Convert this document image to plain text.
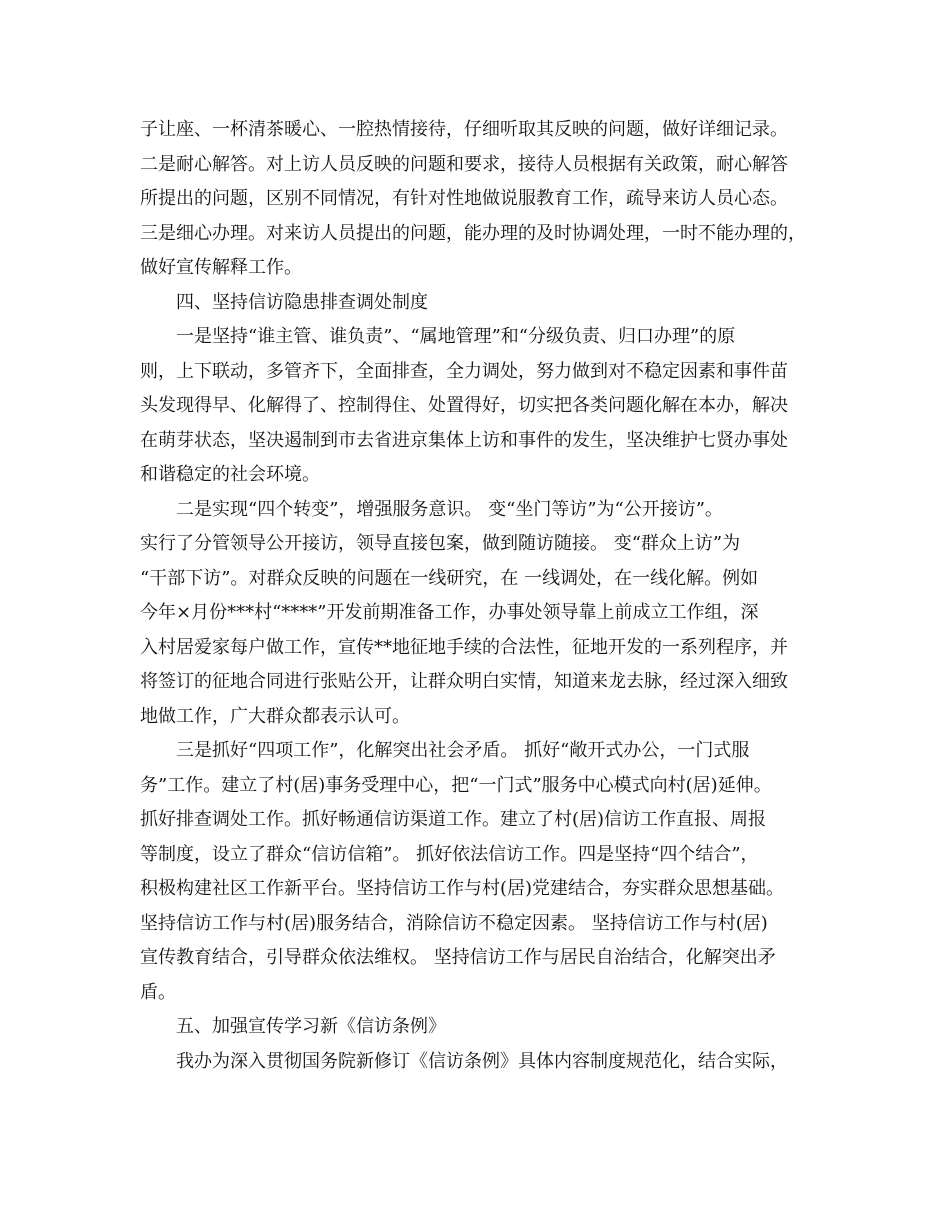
子让座、一杯清茶暖心、一腔热情接待，仔细听取其反映的问题，做好详细记录。
二是耐心解答。对上访人员反映的问题和要求，接待人员根据有关政策，耐心解答
所提出的问题，区别不同情况，有针对性地做说服教育工作，疏导来访人员心态。
三是细心办理。对来访人员提出的问题，能办理的及时协调处理，一时不能办理的，
做好宣传解释工作。
四、坚持信访隐患排查调处制度
一是坚持“谁主管、谁负责”、“属地管理”和“分级负责、归口办理”的原
则，上下联动，多管齐下，全面排查，全力调处，努力做到对不稳定因素和事件苗
头发现得早、化解得了、控制得住、处置得好，切实把各类问题化解在本办，解决
在萌芽状态，坚决遏制到市去省进京集体上访和事件的发生，坚决维护七贤办事处
和谐稳定的社会环境。
二是实现“四个转变”，增强服务意识。 变“坐门等访”为“公开接访”。
实行了分管领导公开接访，领导直接包案，做到随访随接。 变“群众上访”为
“干部下访”。对群众反映的问题在一线研究，在 一线调处，在一线化解。例如
今年×月份***村“****”开发前期准备工作，办事处领导靠上前成立工作组，深
入村居爱家每户做工作，宣传**地征地手续的合法性，征地开发的一系列程序，并
将签订的征地合同进行张贴公开，让群众明白实情，知道来龙去脉，经过深入细致
地做工作，广大群众都表示认可。
三是抓好“四项工作”，化解突出社会矛盾。 抓好“敞开式办公，一门式服
务”工作。建立了村(居)事务受理中心，把“一门式”服务中心模式向村(居)延伸。
抓好排查调处工作。抓好畅通信访渠道工作。建立了村(居)信访工作直报、周报
等制度，设立了群众“信访信箱”。 抓好依法信访工作。四是坚持“四个结合”，
积极构建社区工作新平台。坚持信访工作与村(居)党建结合，夯实群众思想基础。
坚持信访工作与村(居)服务结合，消除信访不稳定因素。 坚持信访工作与村(居)
宣传教育结合，引导群众依法维权。 坚持信访工作与居民自治结合，化解突出矛
盾。
五、加强宣传学习新《信访条例》
我办为深入贯彻国务院新修订《信访条例》具体内容制度规范化，结合实际，
